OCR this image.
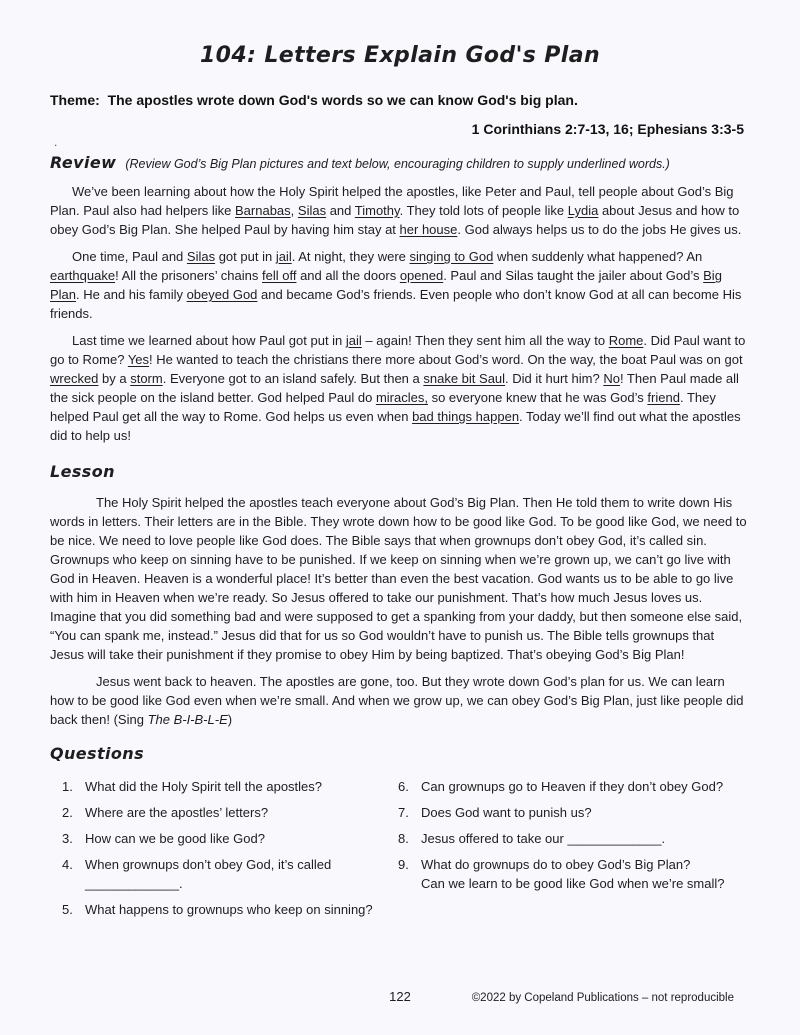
.
104: Letters Explain God's Plan

Theme: The apostles wrote down God's words so we can know God's big plan.

1 Corinthians 2:7-13, 16; Ephesians 3:3-5

Review (Review God’s Big Plan pictures and text below, encouraging children to supply underlined words.)

We’ve been learning about how the Holy Spirit helped the apostles, like Peter and Paul, tell people about God’s Big Plan. Paul also had helpers like Barnabas, Silas and Timothy. They told lots of people like Lydia about Jesus and how to obey God’s Big Plan. She helped Paul by having him stay at her house. God always helps us to do the jobs He gives us.

One time, Paul and Silas got put in jail. At night, they were singing to God when suddenly what happened? An earthquake! All the prisoners’ chains fell off and all the doors opened. Paul and Silas taught the jailer about God’s Big Plan. He and his family obeyed God and became God’s friends. Even people who don’t know God at all can become His friends.

Last time we learned about how Paul got put in jail – again! Then they sent him all the way to Rome. Did Paul want to go to Rome? Yes! He wanted to teach the christians there more about God’s word. On the way, the boat Paul was on got wrecked by a storm. Everyone got to an island safely. But then a snake bit Saul. Did it hurt him? No! Then Paul made all the sick people on the island better. God helped Paul do miracles, so everyone knew that he was God’s friend. They helped Paul get all the way to Rome. God helps us even when bad things happen. Today we’ll find out what the apostles did to help us!

Lesson

The Holy Spirit helped the apostles teach everyone about God’s Big Plan. Then He told them to write down His words in letters. Their letters are in the Bible. They wrote down how to be good like God. To be good like God, we need to be nice. We need to love people like God does. The Bible says that when grownups don’t obey God, it’s called sin. Grownups who keep on sinning have to be punished. If we keep on sinning when we’re grown up, we can’t go live with God in Heaven. Heaven is a wonderful place! It’s better than even the best vacation. God wants us to be able to go live with him in Heaven when we’re ready. So Jesus offered to take our punishment. That’s how much Jesus loves us. Imagine that you did something bad and were supposed to get a spanking from your daddy, but then someone else said, “You can spank me, instead.” Jesus did that for us so God wouldn’t have to punish us. The Bible tells grownups that Jesus will take their punishment if they promise to obey Him by being baptized. That’s obeying God’s Big Plan!

Jesus went back to heaven. The apostles are gone, too. But they wrote down God’s plan for us. We can learn how to be good like God even when we’re small. And when we grow up, we can obey God’s Big Plan, just like people did back then! (Sing The B-I-B-L-E)

Questions

1. What did the Holy Spirit tell the apostles?
2. Where are the apostles’ letters?
3. How can we be good like God?
4. When grownups don’t obey God, it’s called
_____________.
5. What happens to grownups who keep on sinning?
6. Can grownups go to Heaven if they don’t obey God?
7. Does God want to punish us?
8. Jesus offered to take our _____________.
9. What do grownups do to obey God’s Big Plan?
Can we learn to be good like God when we’re small?
122	©2022 by Copeland Publications – not reproducible
